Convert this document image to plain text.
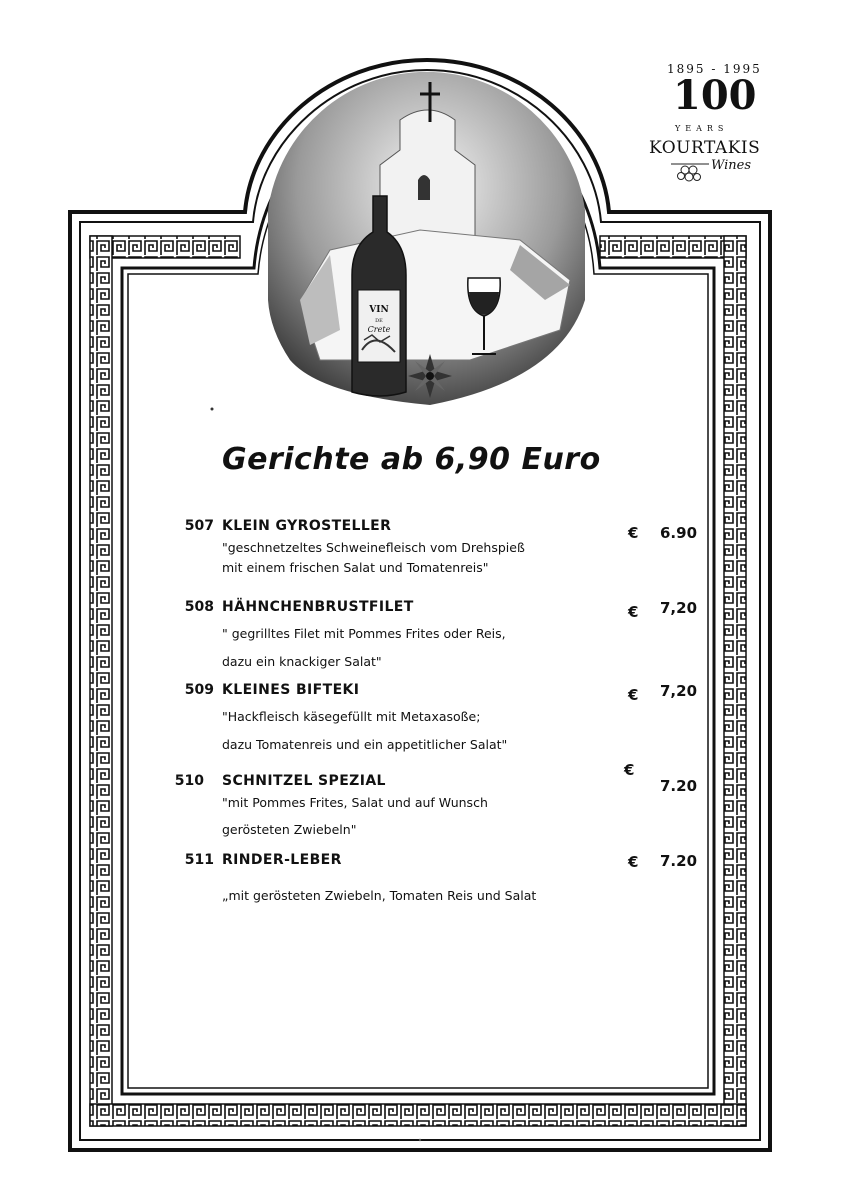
VIN
DE
Crete
1895 - 1995
100
YEARS
KOURTAKIS
Wines
Gerichte ab 6,90 Euro
507 KLEIN GYROSTELLER
"geschnetzeltes Schweinefleisch vom Drehspieß
mit einem frischen Salat und Tomatenreis"
€ 6.90
508 HÄHNCHENBRUSTFILET
" gegrilltes Filet mit Pommes Frites oder Reis,
dazu ein knackiger Salat"
€ 7,20
509 KLEINES BIFTEKI
"Hackfleisch käsegefüllt mit Metaxasoße;
dazu Tomatenreis und ein appetitlicher Salat"
€ 7,20
510 SCHNITZEL SPEZIAL
"mit Pommes Frites, Salat und auf Wunsch
gerösteten Zwiebeln"
€
7.20
511 RINDER-LEBER
„mit gerösteten Zwiebeln, Tomaten Reis und Salat
€ 7.20
